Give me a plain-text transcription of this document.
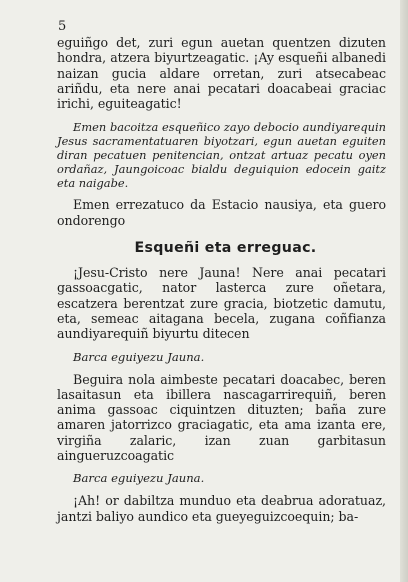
5

eguiñgo det, zuri egun auetan quentzen dizuten hondra, atzera biyurtzeagatic. ¡Ay esqueñi albanedi naizan gucia aldare orretan, zuri atsecabeac ariñdu, eta nere anai pecatari doacabeai graciac irichi, eguiteagatic!

Emen bacoitza esqueñico zayo debocio aundiyarequin Jesus sacramentatuaren biyotzari, egun auetan eguiten diran pecatuen penitencian, ontzat artuaz pecatu oyen ordañaz, Jaungoicoac bialdu deguiquion edocein gaitz eta naigabe.

Emen errezatuco da Estacio nausiya, eta guero ondorengo

Esqueñi eta erreguac.

¡Jesu-Cristo nere Jauna! Nere anai pecatari gassoacgatic, nator lasterca zure oñetara, escatzera berentzat zure gracia, biotzetic damutu, eta, semeac aitagana becela, zugana coñfianza aundiyarequiñ biyurtu ditecen

Barca eguiyezu Jauna.

Beguira nola aimbeste pecatari doacabec, beren lasaitasun eta ibillera nascagarrirequiñ, beren anima gassoac ciquintzen dituzten; baña zure amaren jatorrizco graciagatic, eta ama izanta ere, virgiña zalaric, izan zuan garbitasun aingueruzcoagatic

Barca eguiyezu Jauna.

¡Ah! or dabiltza munduo eta deabrua adoratuaz, jantzi baliyo aundico eta gueyeguizcoequin; ba-
